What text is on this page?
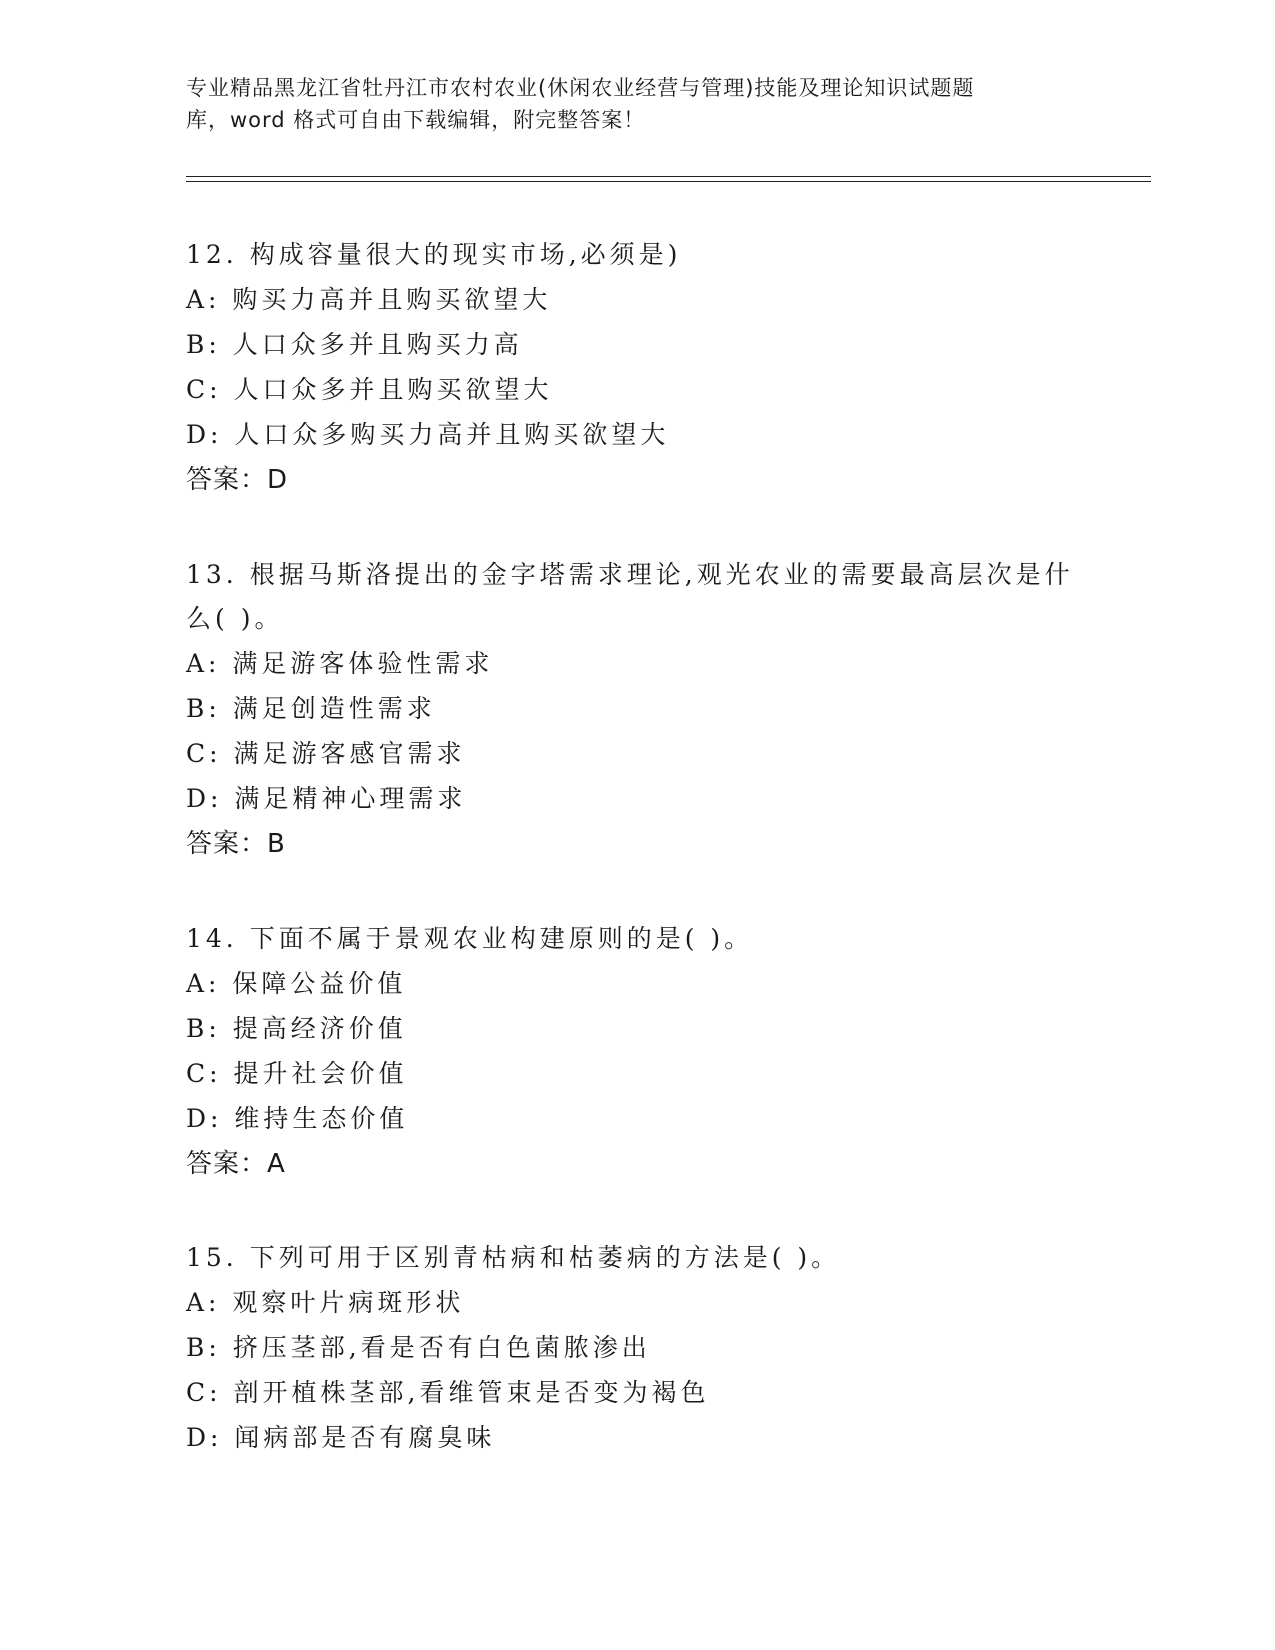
专业精品黑龙江省牡丹江市农村农业(休闲农业经营与管理)技能及理论知识试题题
库，word 格式可自由下载编辑，附完整答案！

12. 构成容量很大的现实市场,必须是)

A: 购买力高并且购买欲望大

B: 人口众多并且购买力高

C: 人口众多并且购买欲望大

D: 人口众多购买力高并且购买欲望大

答案：D

13. 根据马斯洛提出的金字塔需求理论,观光农业的需要最高层次是什

么( )。

A: 满足游客体验性需求

B: 满足创造性需求

C: 满足游客感官需求

D: 满足精神心理需求

答案：B

14. 下面不属于景观农业构建原则的是( )。

A: 保障公益价值

B: 提高经济价值

C: 提升社会价值

D: 维持生态价值

答案：A

15. 下列可用于区别青枯病和枯萎病的方法是( )。

A: 观察叶片病斑形状

B: 挤压茎部,看是否有白色菌脓渗出

C: 剖开植株茎部,看维管束是否变为褐色

D: 闻病部是否有腐臭味
